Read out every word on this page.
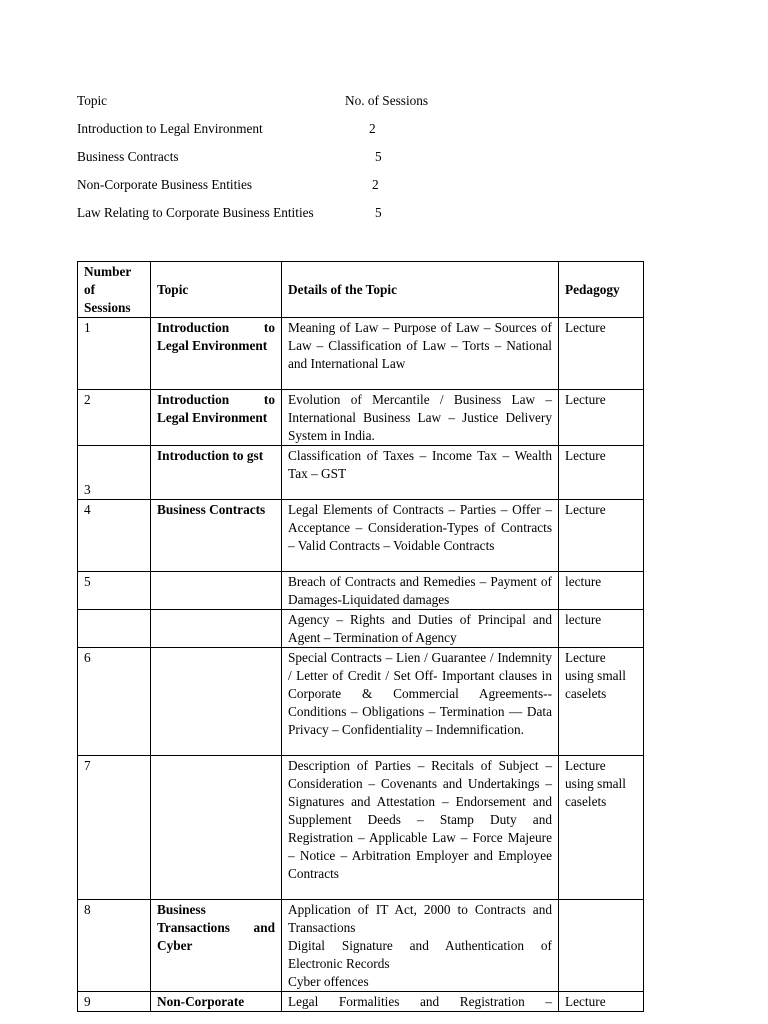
Topic	No. of Sessions
Introduction to Legal Environment	2
Business Contracts	5
Non-Corporate Business Entities	2
Law Relating to Corporate Business Entities	5
Number of Sessions	Topic	Details of the Topic	Pedagogy
1	Introduction to Legal Environment	Meaning of Law – Purpose of Law – Sources of Law – Classification of Law – Torts – National and International Law	Lecture
2	Introduction to Legal Environment	Evolution of Mercantile / Business Law – International Business Law – Justice Delivery System in India.	Lecture
3	Introduction to gst	Classification of Taxes – Income Tax – Wealth Tax – GST	Lecture
4	Business Contracts	Legal Elements of Contracts – Parties – Offer – Acceptance – Consideration-Types of Contracts – Valid Contracts – Voidable Contracts	Lecture
5		Breach of Contracts and Remedies – Payment of Damages-Liquidated damages	lecture
		Agency – Rights and Duties of Principal and Agent – Termination of Agency	lecture
6		Special Contracts – Lien / Guarantee / Indemnity / Letter of Credit / Set Off- Important clauses in Corporate & Commercial Agreements-- Conditions – Obligations – Termination –– Data Privacy – Confidentiality – Indemnification.	Lecture using small caselets
7		Description of Parties – Recitals of Subject – Consideration – Covenants and Undertakings – Signatures and Attestation – Endorsement and Supplement Deeds – Stamp Duty and Registration – Applicable Law – Force Majeure – Notice – Arbitration Employer and Employee Contracts	Lecture using small caselets
8	Business Transactions and Cyber	Application of IT Act, 2000 to Contracts and Transactions
Digital Signature and Authentication of Electronic Records
Cyber offences	

9	Non-Corporate	Legal Formalities and Registration –	Lecture
